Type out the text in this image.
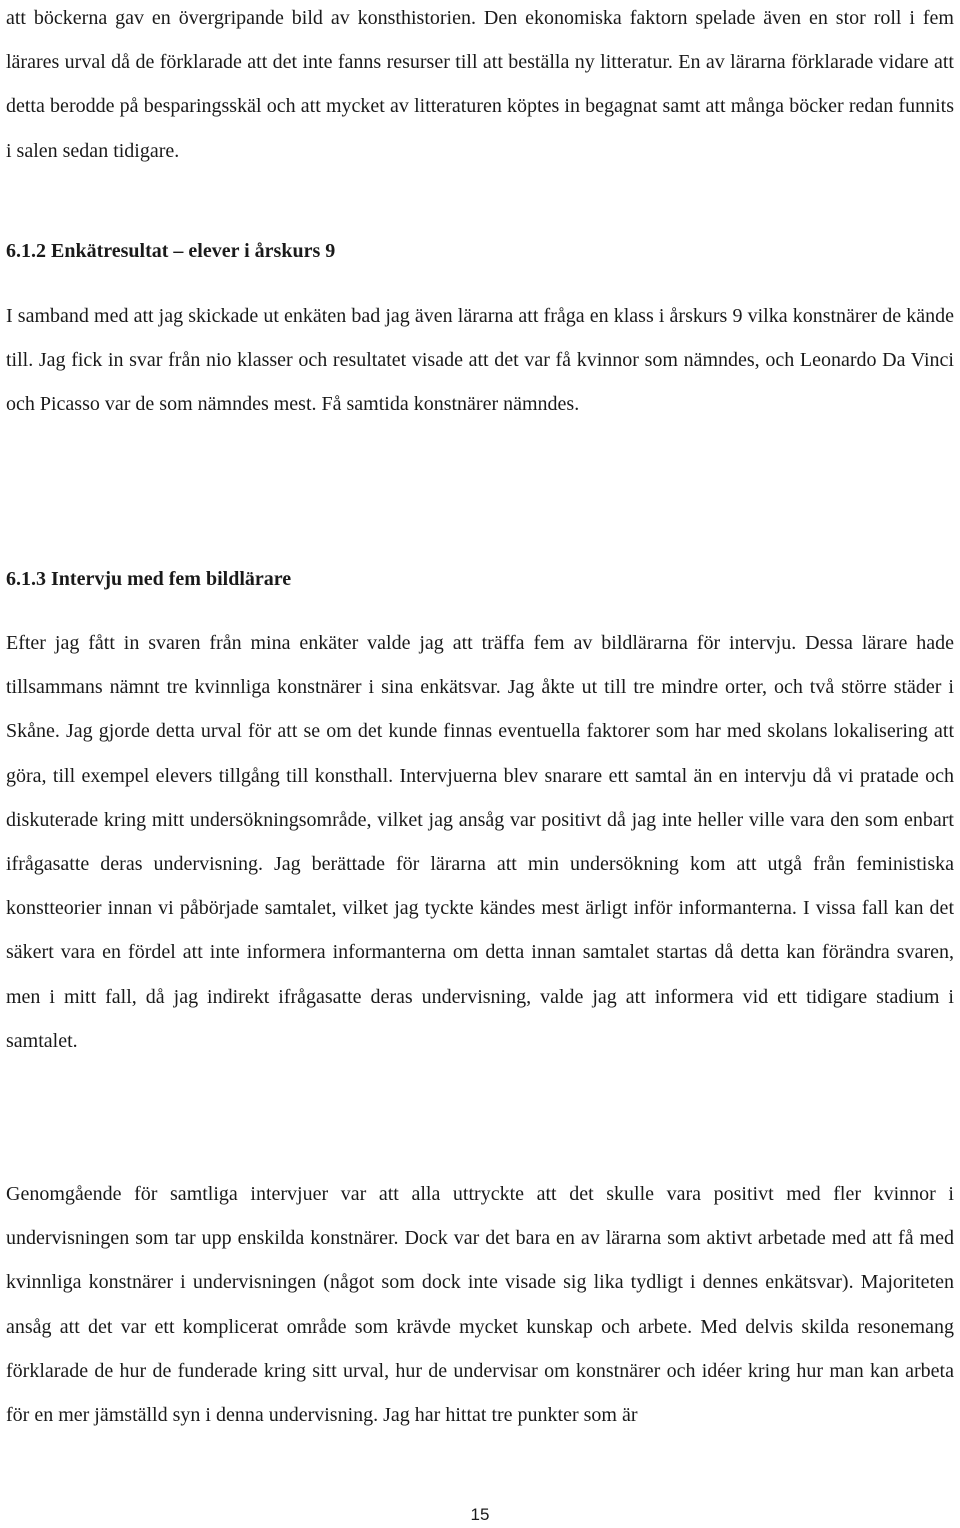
att böckerna gav en övergripande bild av konsthistorien. Den ekonomiska faktorn spelade även en stor roll i fem lärares urval då de förklarade att det inte fanns resurser till att beställa ny litteratur. En av lärarna förklarade vidare att detta berodde på besparingsskäl och att mycket av litteraturen köptes in begagnat samt att många böcker redan funnits i salen sedan tidigare.

6.1.2 Enkätresultat – elever i årskurs 9

I samband med att jag skickade ut enkäten bad jag även lärarna att fråga en klass i årskurs 9 vilka konstnärer de kände till. Jag fick in svar från nio klasser och resultatet visade att det var få kvinnor som nämndes, och Leonardo Da Vinci och Picasso var de som nämndes mest. Få samtida konstnärer nämndes.

6.1.3 Intervju med fem bildlärare

Efter jag fått in svaren från mina enkäter valde jag att träffa fem av bildlärarna för intervju. Dessa lärare hade tillsammans nämnt tre kvinnliga konstnärer i sina enkätsvar. Jag åkte ut till tre mindre orter, och två större städer i Skåne. Jag gjorde detta urval för att se om det kunde finnas eventuella faktorer som har med skolans lokalisering att göra, till exempel elevers tillgång till konsthall. Intervjuerna blev snarare ett samtal än en intervju då vi pratade och diskuterade kring mitt undersökningsområde, vilket jag ansåg var positivt då jag inte heller ville vara den som enbart ifrågasatte deras undervisning. Jag berättade för lärarna att min undersökning kom att utgå från feministiska konstteorier innan vi påbörjade samtalet, vilket jag tyckte kändes mest ärligt inför informanterna. I vissa fall kan det säkert vara en fördel att inte informera informanterna om detta innan samtalet startas då detta kan förändra svaren, men i mitt fall, då jag indirekt ifrågasatte deras undervisning, valde jag att informera vid ett tidigare stadium i samtalet.

Genomgående för samtliga intervjuer var att alla uttryckte att det skulle vara positivt med fler kvinnor i undervisningen som tar upp enskilda konstnärer. Dock var det bara en av lärarna som aktivt arbetade med att få med kvinnliga konstnärer i undervisningen (något som dock inte visade sig lika tydligt i dennes enkätsvar). Majoriteten ansåg att det var ett komplicerat område som krävde mycket kunskap och arbete. Med delvis skilda resonemang förklarade de hur de funderade kring sitt urval, hur de undervisar om konstnärer och idéer kring hur man kan arbeta för en mer jämställd syn i denna undervisning. Jag har hittat tre punkter som är

15
